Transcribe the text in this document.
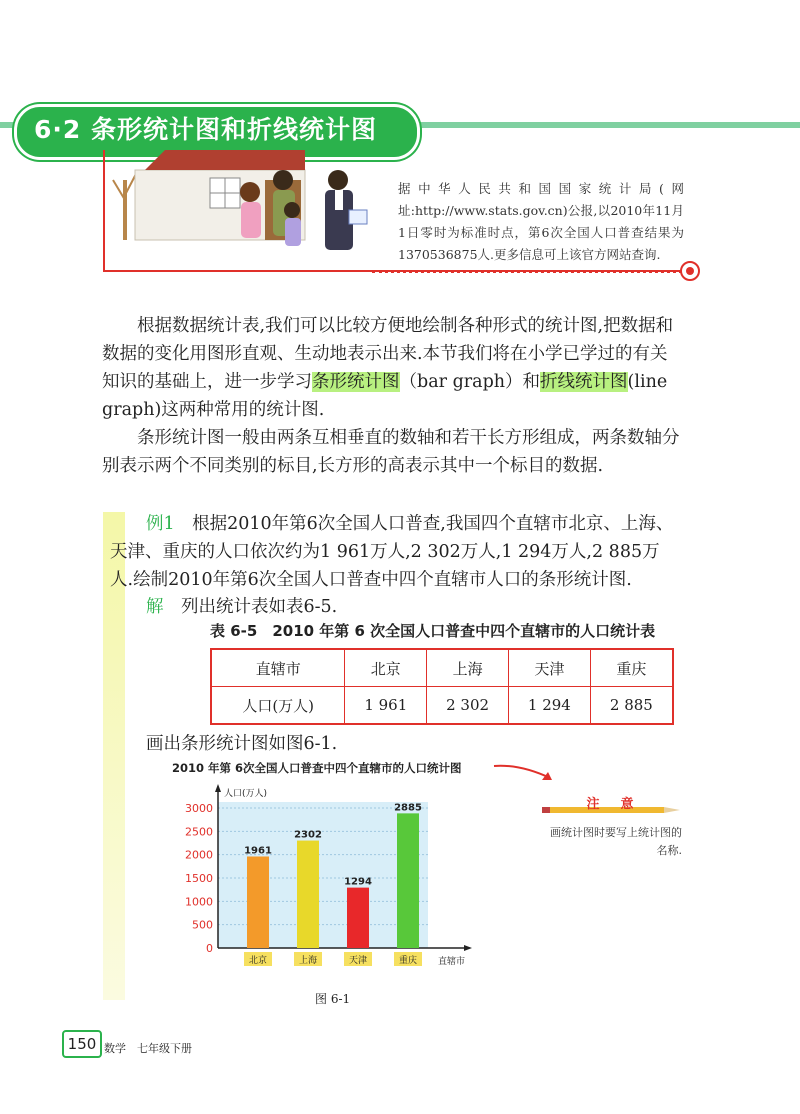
6·2 条形统计图和折线统计图
据中华人民共和国国家统计局(网址:http://www.stats.gov.cn)公报,以2010年11月1日零时为标准时点，第6次全国人口普查结果为1370536875人.更多信息可上该官方网站查询.
根据数据统计表,我们可以比较方便地绘制各种形式的统计图,把数据和数据的变化用图形直观、生动地表示出来.本节我们将在小学已学过的有关知识的基础上，进一步学习条形统计图（bar graph）和折线统计图(line graph)这两种常用的统计图.
条形统计图一般由两条互相垂直的数轴和若干长方形组成，两条数轴分别表示两个不同类别的标目,长方形的高表示其中一个标目的数据.
例1　 根据2010年第6次全国人口普查,我国四个直辖市北京、上海、天津、重庆的人口依次约为1 961万人,2 302万人,1 294万人,2 885万人.绘制2010年第6次全国人口普查中四个直辖市人口的条形统计图.
解　 列出统计表如表6-5.
表 6-5　2010 年第 6 次全国人口普查中四个直辖市的人口统计表
直辖市	北京	上海	天津	重庆
人口(万人)	1 961	2 302	1 294	2 885
画出条形统计图如图6-1.
2010 年第 6次全国人口普查中四个直辖市的人口统计图
0
500
1000
1500
2000
2500
3000
人口(万人)
直辖市
1961
北京
2302
上海
1294
天津
2885
重庆
注　意
画统计图时要写上统计图的名称.
图 6-1
150 数学　七年级下册
